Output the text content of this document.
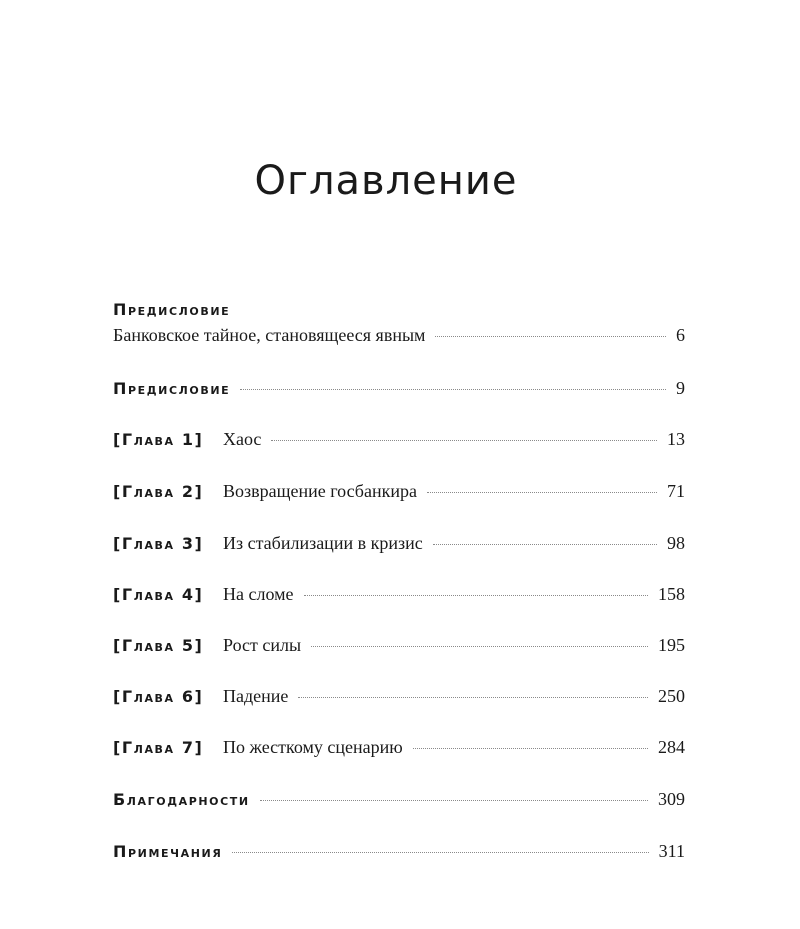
Оглавление
Предисловие
Банковское тайное, становящееся явным	6
Предисловие	9
[Глава 1]	Хаос	13
[Глава 2]	Возвращение госбанкира	71
[Глава 3]	Из стабилизации в кризис	98
[Глава 4]	На сломе	158
[Глава 5]	Рост силы	195
[Глава 6]	Падение	250
[Глава 7]	По жесткому сценарию	284
Благодарности	309
Примечания	311
